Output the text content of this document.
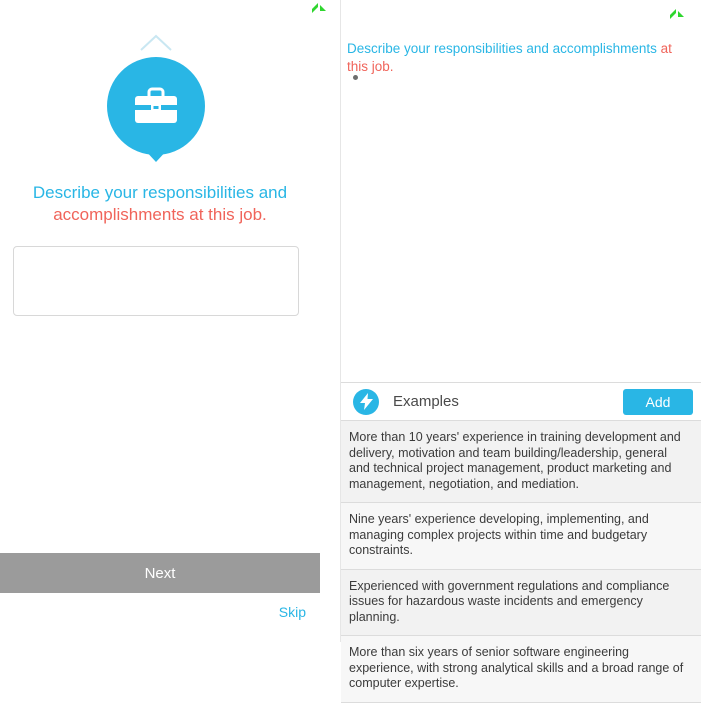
Describe your responsibilities and accomplishments at this job.
Next
Skip
Describe your responsibilities and accomplishments at this job.
Examples	Add
More than 10 years' experience in training development and delivery, motivation and team building/leadership, general and technical project management, product marketing and management, negotiation, and mediation.
Nine years' experience developing, implementing, and managing complex projects within time and budgetary constraints.
Experienced with government regulations and compliance issues for hazardous waste incidents and emergency planning.
More than six years of senior software engineering experience, with strong analytical skills and a broad range of computer expertise.
